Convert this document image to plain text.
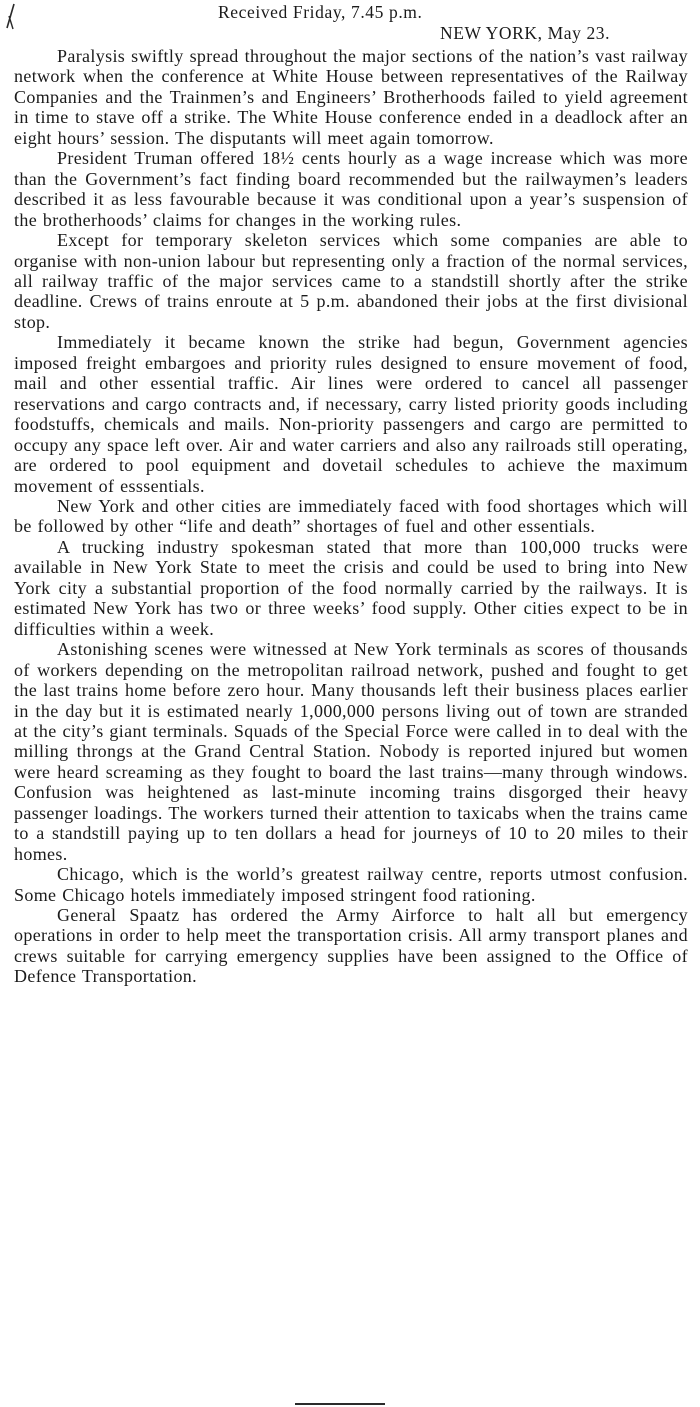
Received Friday, 7.45 p.m.
NEW YORK, May 23.

Paralysis swiftly spread throughout the major sections of the nation’s vast railway network when the conference at White House between representatives of the Railway Companies and the Trainmen’s and Engineers’ Brotherhoods failed to yield agreement in time to stave off a strike. The White House conference ended in a deadlock after an eight hours’ session. The disputants will meet again tomorrow.

President Truman offered 18½ cents hourly as a wage increase which was more than the Government’s fact finding board recommended but the railwaymen’s leaders described it as less favourable because it was conditional upon a year’s suspension of the brotherhoods’ claims for changes in the working rules.

Except for temporary skeleton services which some companies are able to organise with non-union labour but representing only a fraction of the normal services, all railway traffic of the major services came to a standstill shortly after the strike deadline. Crews of trains enroute at 5 p.m. abandoned their jobs at the first divisional stop.

Immediately it became known the strike had begun, Government agencies imposed freight embargoes and priority rules designed to ensure movement of food, mail and other essential traffic. Air lines were ordered to cancel all passenger reservations and cargo contracts and, if necessary, carry listed priority goods including foodstuffs, chemicals and mails. Non-priority passengers and cargo are permitted to occupy any space left over. Air and water carriers and also any railroads still operating, are ordered to pool equipment and dovetail schedules to achieve the maximum movement of esssentials.

New York and other cities are immediately faced with food shortages which will be followed by other “life and death” shortages of fuel and other essentials.

A trucking industry spokesman stated that more than 100,000 trucks were available in New York State to meet the crisis and could be used to bring into New York city a substantial proportion of the food normally carried by the railways. It is estimated New York has two or three weeks’ food supply. Other cities expect to be in difficulties within a week.

Astonishing scenes were witnessed at New York terminals as scores of thousands of workers depending on the metropolitan railroad network, pushed and fought to get the last trains home before zero hour. Many thousands left their business places earlier in the day but it is estimated nearly 1,000,000 persons living out of town are stranded at the city’s giant terminals. Squads of the Special Force were called in to deal with the milling throngs at the Grand Central Station. Nobody is reported injured but women were heard screaming as they fought to board the last trains—many through windows. Confusion was heightened as last-minute incoming trains disgorged their heavy passenger loadings. The workers turned their attention to taxicabs when the trains came to a standstill paying up to ten dollars a head for journeys of 10 to 20 miles to their homes.

Chicago, which is the world’s greatest railway centre, reports utmost confusion. Some Chicago hotels immediately imposed stringent food rationing.

General Spaatz has ordered the Army Airforce to halt all but emergency operations in order to help meet the transportation crisis. All army transport planes and crews suitable for carrying emergency supplies have been assigned to the Office of Defence Transportation.
